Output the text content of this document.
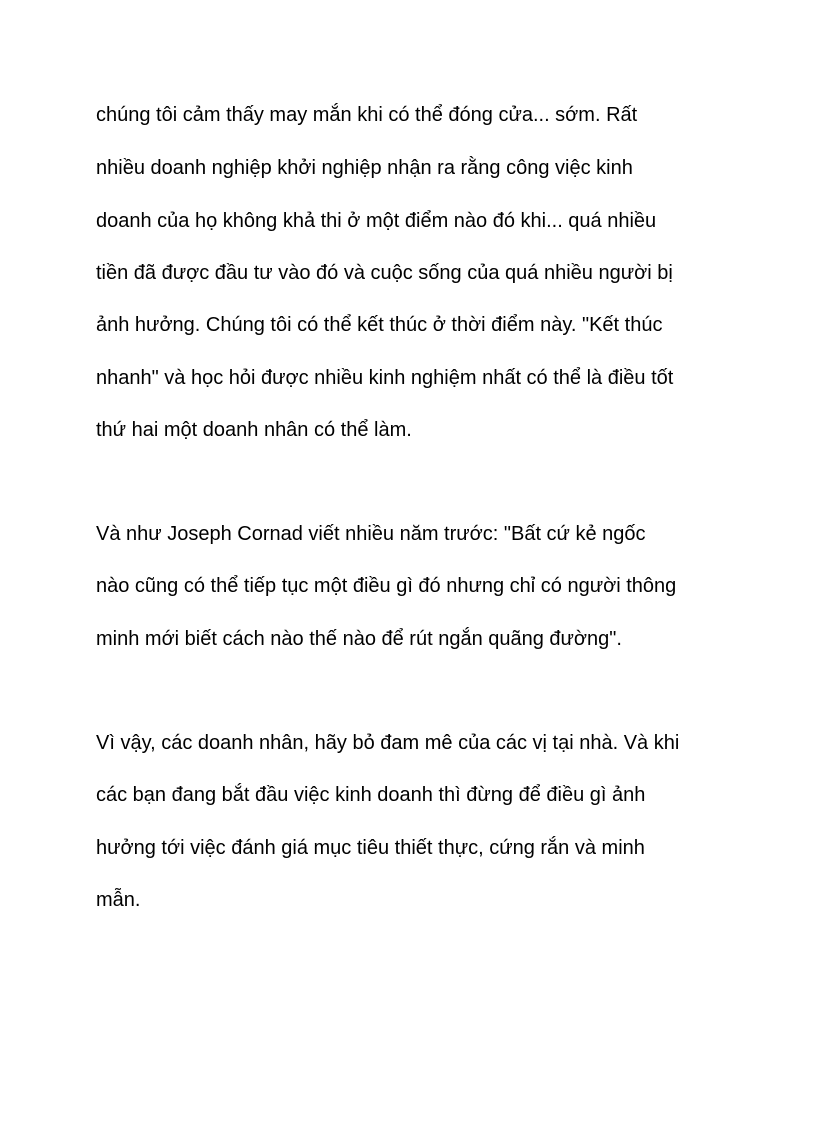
chúng tôi cảm thấy may mắn khi có thể đóng cửa... sớm. Rất

nhiều doanh nghiệp khởi nghiệp nhận ra rằng công việc kinh

doanh của họ không khả thi ở một điểm nào đó khi... quá nhiều

tiền đã được đầu tư vào đó và cuộc sống của quá nhiều người bị

ảnh hưởng. Chúng tôi có thể kết thúc ở thời điểm này. "Kết thúc

nhanh" và học hỏi được nhiều kinh nghiệm nhất có thể là điều tốt

thứ hai một doanh nhân có thể làm.

Và như Joseph Cornad viết nhiều năm trước: "Bất cứ kẻ ngốc

nào cũng có thể tiếp tục một điều gì đó nhưng chỉ có người thông

minh mới biết cách nào thế nào để rút ngắn quãng đường".

Vì vậy, các doanh nhân, hãy bỏ đam mê của các vị tại nhà. Và khi

các bạn đang bắt đầu việc kinh doanh thì đừng để điều gì ảnh

hưởng tới việc đánh giá mục tiêu thiết thực, cứng rắn và minh

mẫn.
